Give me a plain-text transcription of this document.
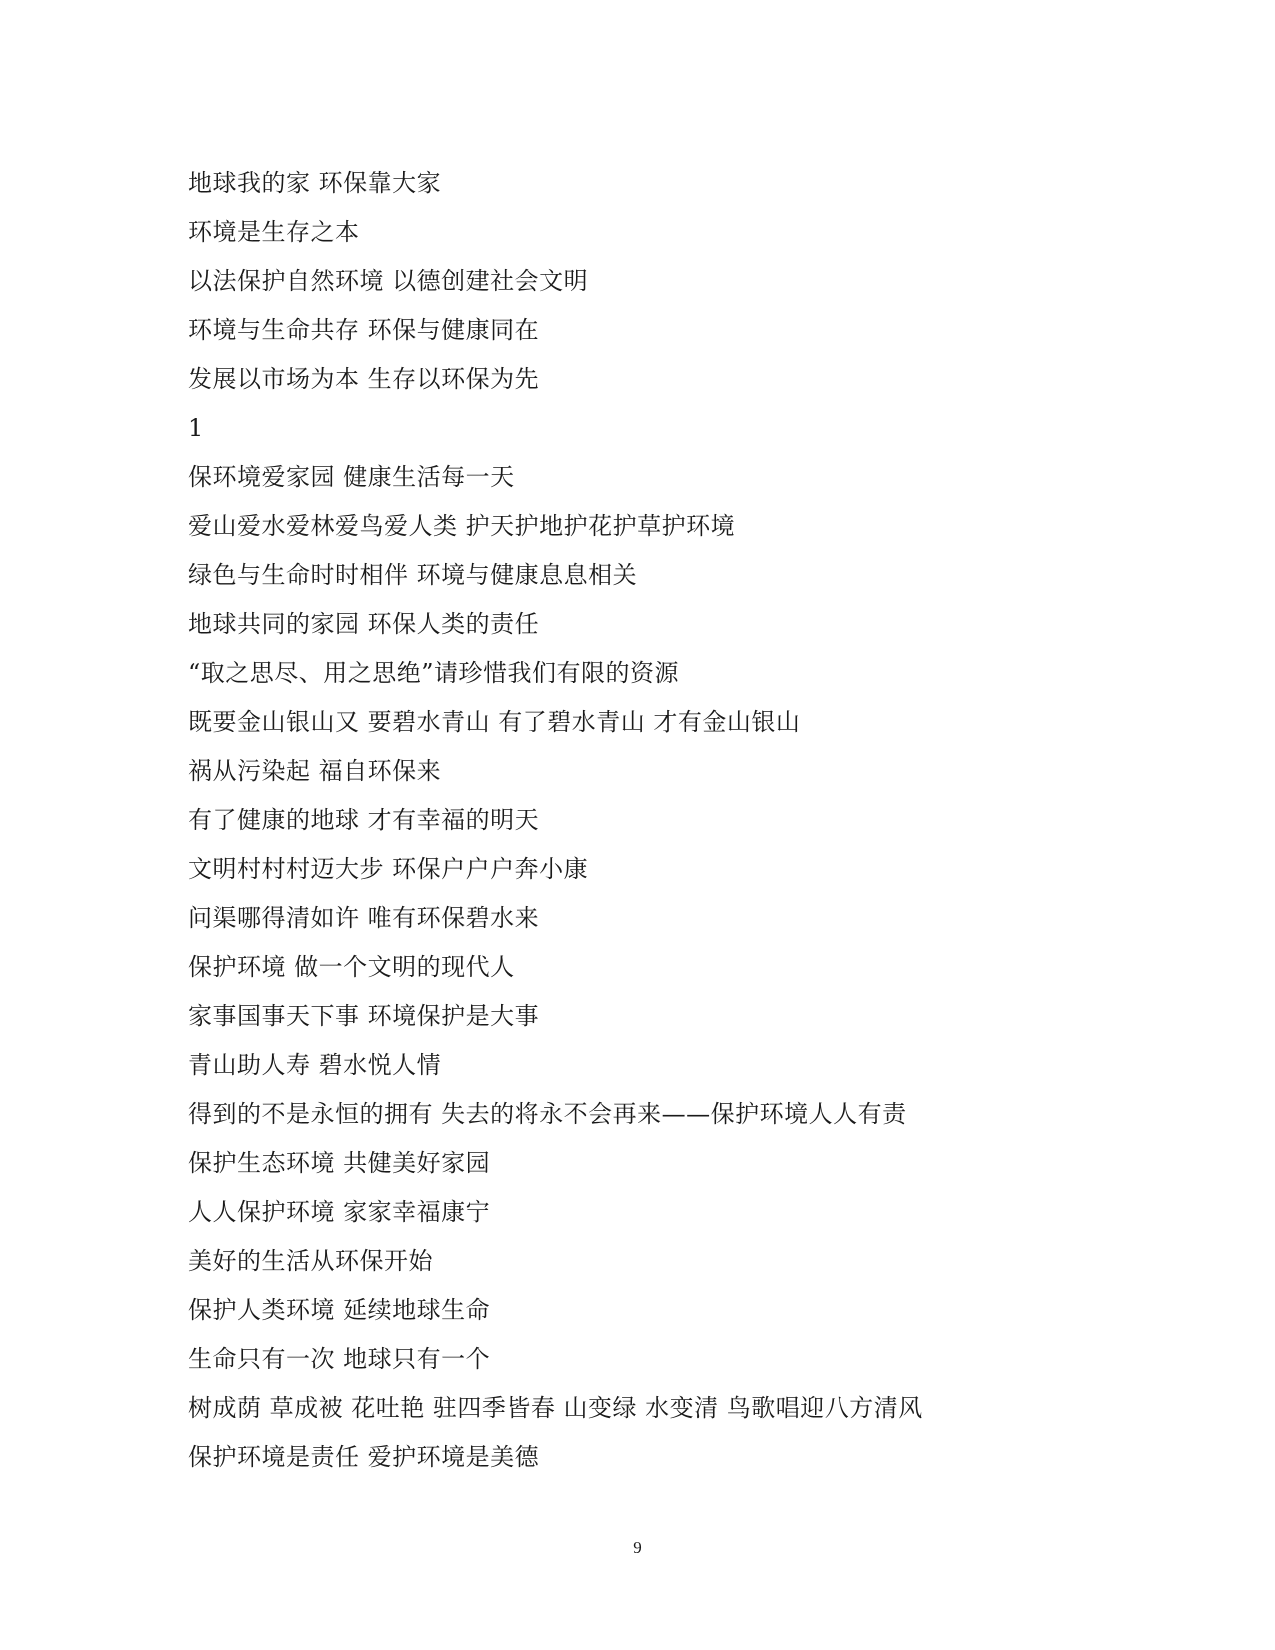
地球我的家 环保靠大家
环境是生存之本
以法保护自然环境 以德创建社会文明
环境与生命共存 环保与健康同在
发展以市场为本 生存以环保为先
1
保环境爱家园 健康生活每一天
爱山爱水爱林爱鸟爱人类 护天护地护花护草护环境
绿色与生命时时相伴 环境与健康息息相关
地球共同的家园 环保人类的责任
“取之思尽、用之思绝”请珍惜我们有限的资源
既要金山银山又 要碧水青山 有了碧水青山 才有金山银山
祸从污染起 福自环保来
有了健康的地球 才有幸福的明天
文明村村村迈大步 环保户户户奔小康
问渠哪得清如许 唯有环保碧水来
保护环境 做一个文明的现代人
家事国事天下事 环境保护是大事
青山助人寿 碧水悦人情
得到的不是永恒的拥有 失去的将永不会再来——保护环境人人有责
保护生态环境 共健美好家园
人人保护环境 家家幸福康宁
美好的生活从环保开始
保护人类环境 延续地球生命
生命只有一次 地球只有一个
树成荫 草成被 花吐艳 驻四季皆春 山变绿 水变清 鸟歌唱迎八方清风
保护环境是责任 爱护环境是美德
9
